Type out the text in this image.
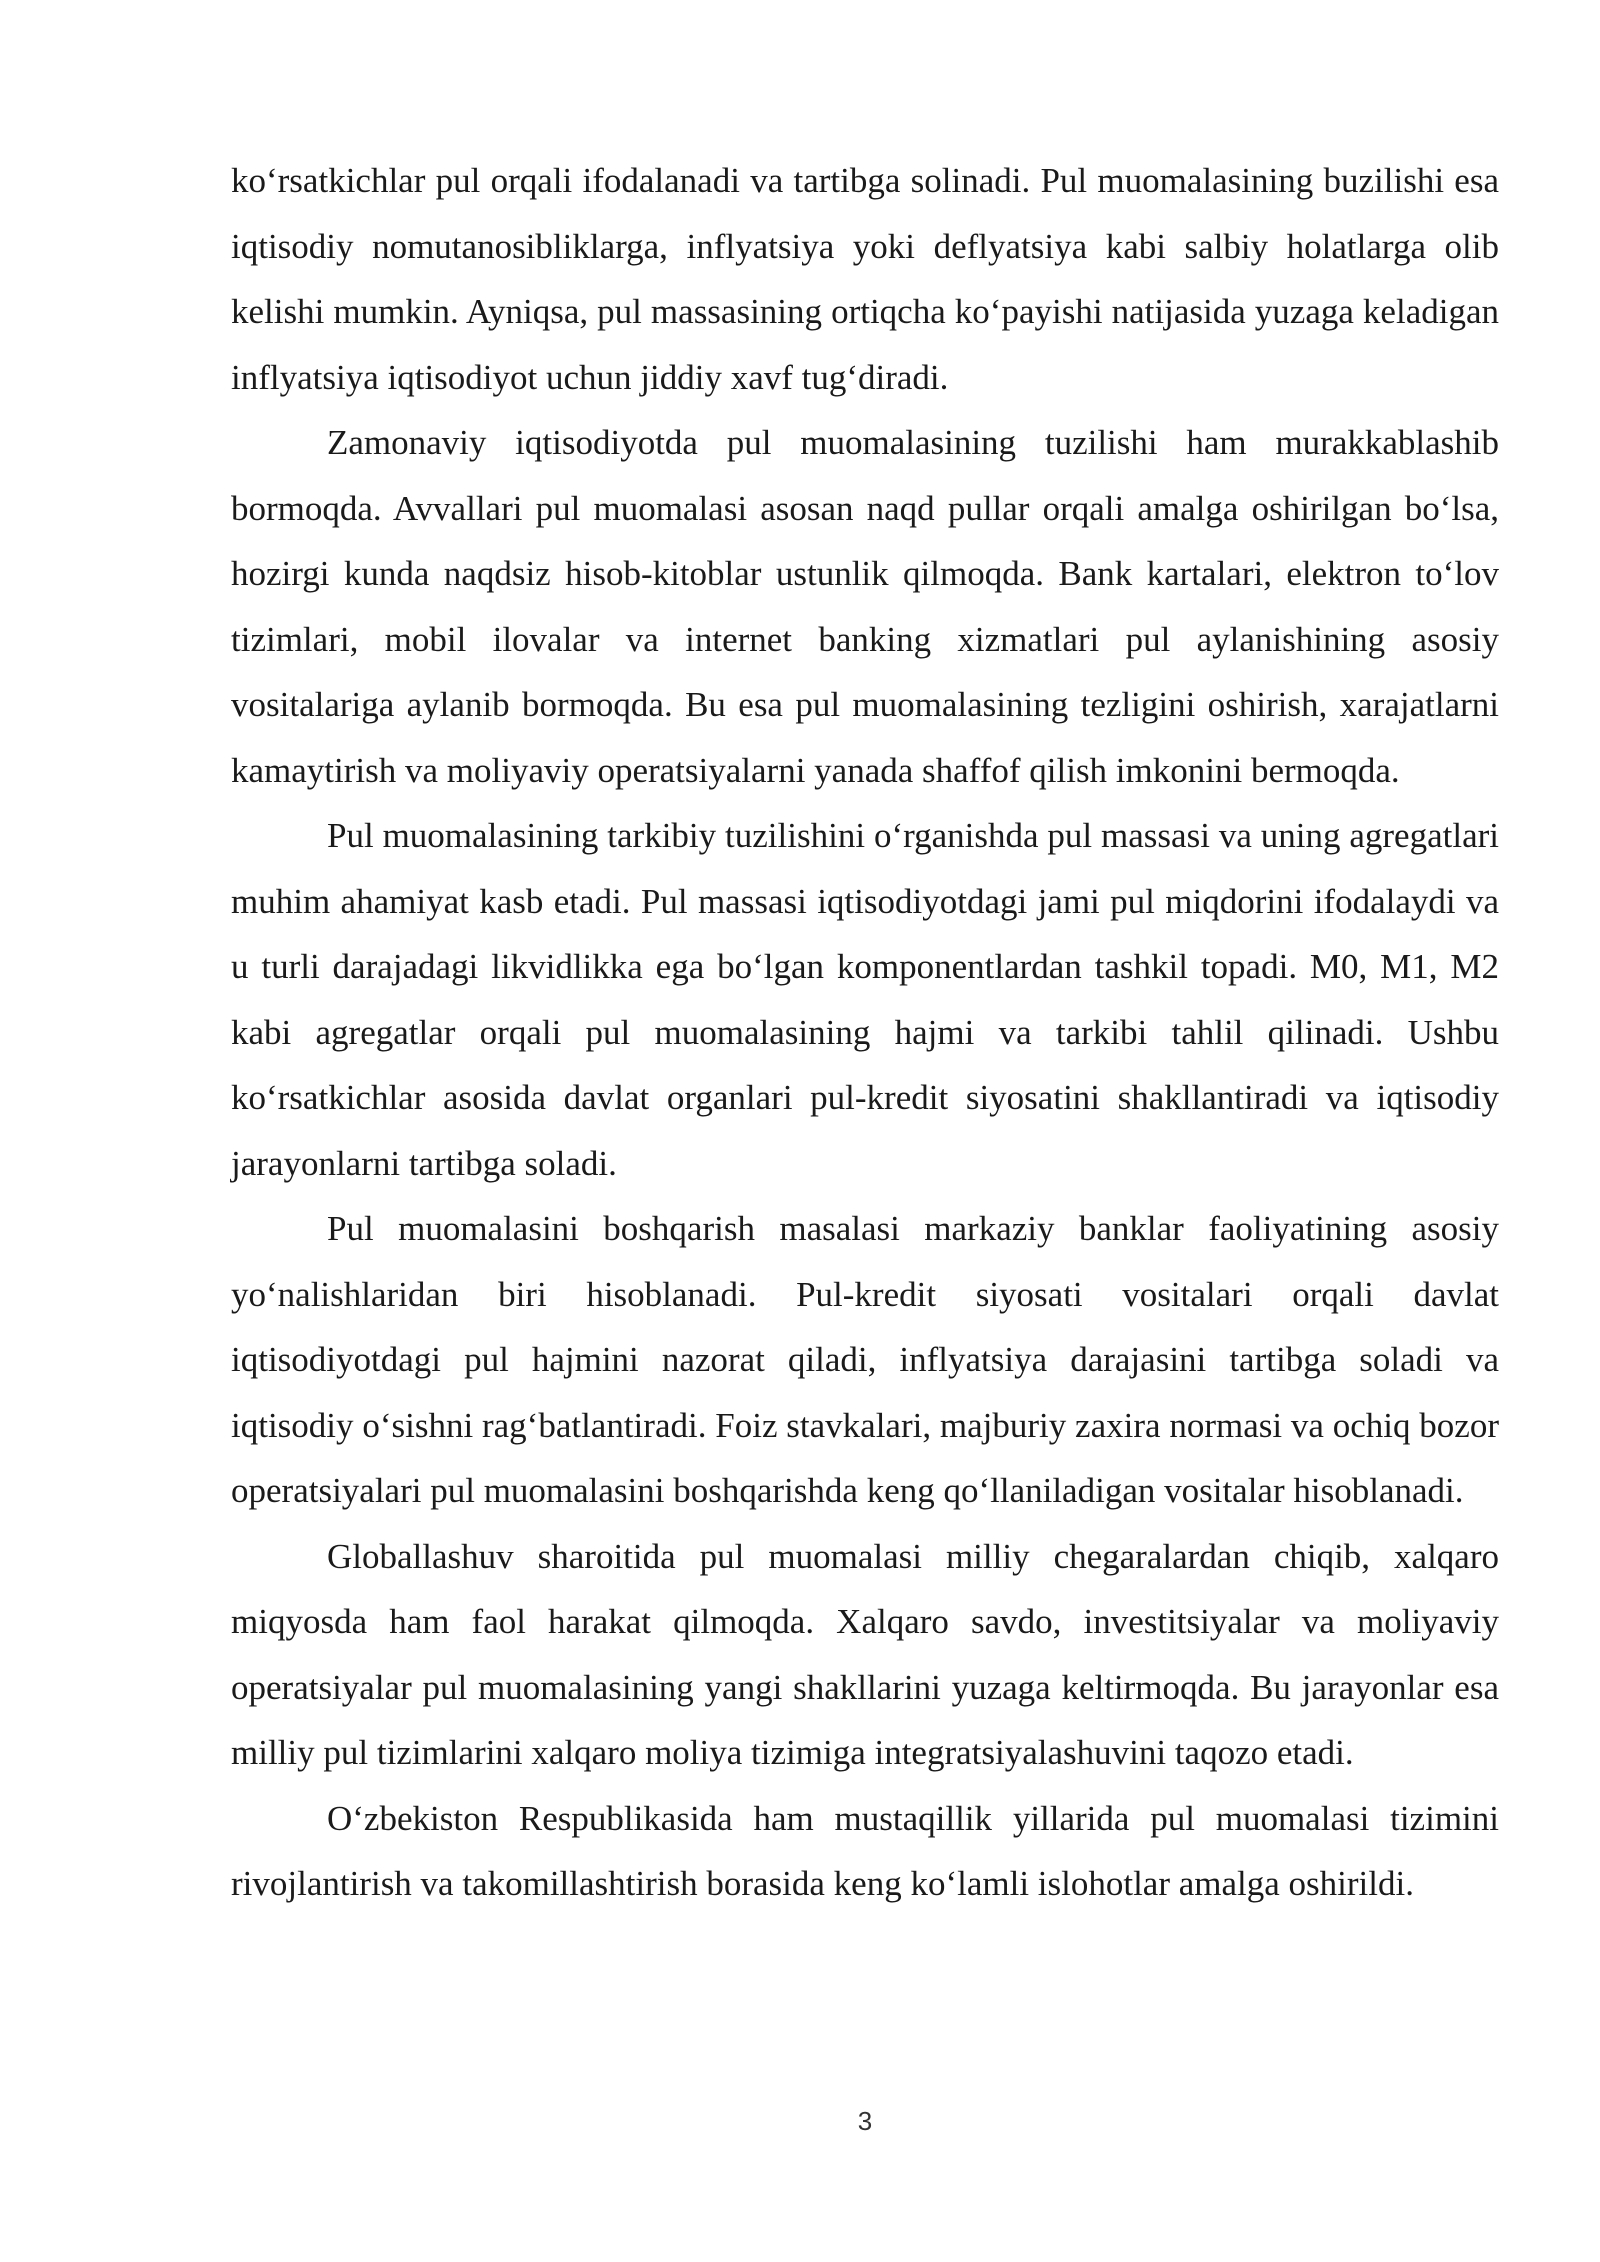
ko‘rsatkichlar pul orqali ifodalanadi va tartibga solinadi. Pul muomalasining buzilishi esa iqtisodiy nomutanosibliklarga, inflyatsiya yoki deflyatsiya kabi salbiy holatlarga olib kelishi mumkin. Ayniqsa, pul massasining ortiqcha ko‘payishi natijasida yuzaga keladigan inflyatsiya iqtisodiyot uchun jiddiy xavf tug‘diradi.

Zamonaviy iqtisodiyotda pul muomalasining tuzilishi ham murakkablashib bormoqda. Avvallari pul muomalasi asosan naqd pullar orqali amalga oshirilgan bo‘lsa, hozirgi kunda naqdsiz hisob-kitoblar ustunlik qilmoqda. Bank kartalari, elektron to‘lov tizimlari, mobil ilovalar va internet banking xizmatlari pul aylanishining asosiy vositalariga aylanib bormoqda. Bu esa pul muomalasining tezligini oshirish, xarajatlarni kamaytirish va moliyaviy operatsiyalarni yanada shaffof qilish imkonini bermoqda.

Pul muomalasining tarkibiy tuzilishini o‘rganishda pul massasi va uning agregatlari muhim ahamiyat kasb etadi. Pul massasi iqtisodiyotdagi jami pul miqdorini ifodalaydi va u turli darajadagi likvidlikka ega bo‘lgan komponentlardan tashkil topadi. M0, M1, M2 kabi agregatlar orqali pul muomalasining hajmi va tarkibi tahlil qilinadi. Ushbu ko‘rsatkichlar asosida davlat organlari pul-kredit siyosatini shakllantiradi va iqtisodiy jarayonlarni tartibga soladi.

Pul muomalasini boshqarish masalasi markaziy banklar faoliyatining asosiy yo‘nalishlaridan biri hisoblanadi. Pul-kredit siyosati vositalari orqali davlat iqtisodiyotdagi pul hajmini nazorat qiladi, inflyatsiya darajasini tartibga soladi va iqtisodiy o‘sishni rag‘batlantiradi. Foiz stavkalari, majburiy zaxira normasi va ochiq bozor operatsiyalari pul muomalasini boshqarishda keng qo‘llaniladigan vositalar hisoblanadi.

Globallashuv sharoitida pul muomalasi milliy chegaralardan chiqib, xalqaro miqyosda ham faol harakat qilmoqda. Xalqaro savdo, investitsiyalar va moliyaviy operatsiyalar pul muomalasining yangi shakllarini yuzaga keltirmoqda. Bu jarayonlar esa milliy pul tizimlarini xalqaro moliya tizimiga integratsiyalashuvini taqozo etadi.

O‘zbekiston Respublikasida ham mustaqillik yillarida pul muomalasi tizimini rivojlantirish va takomillashtirish borasida keng ko‘lamli islohotlar amalga oshirildi.

3
